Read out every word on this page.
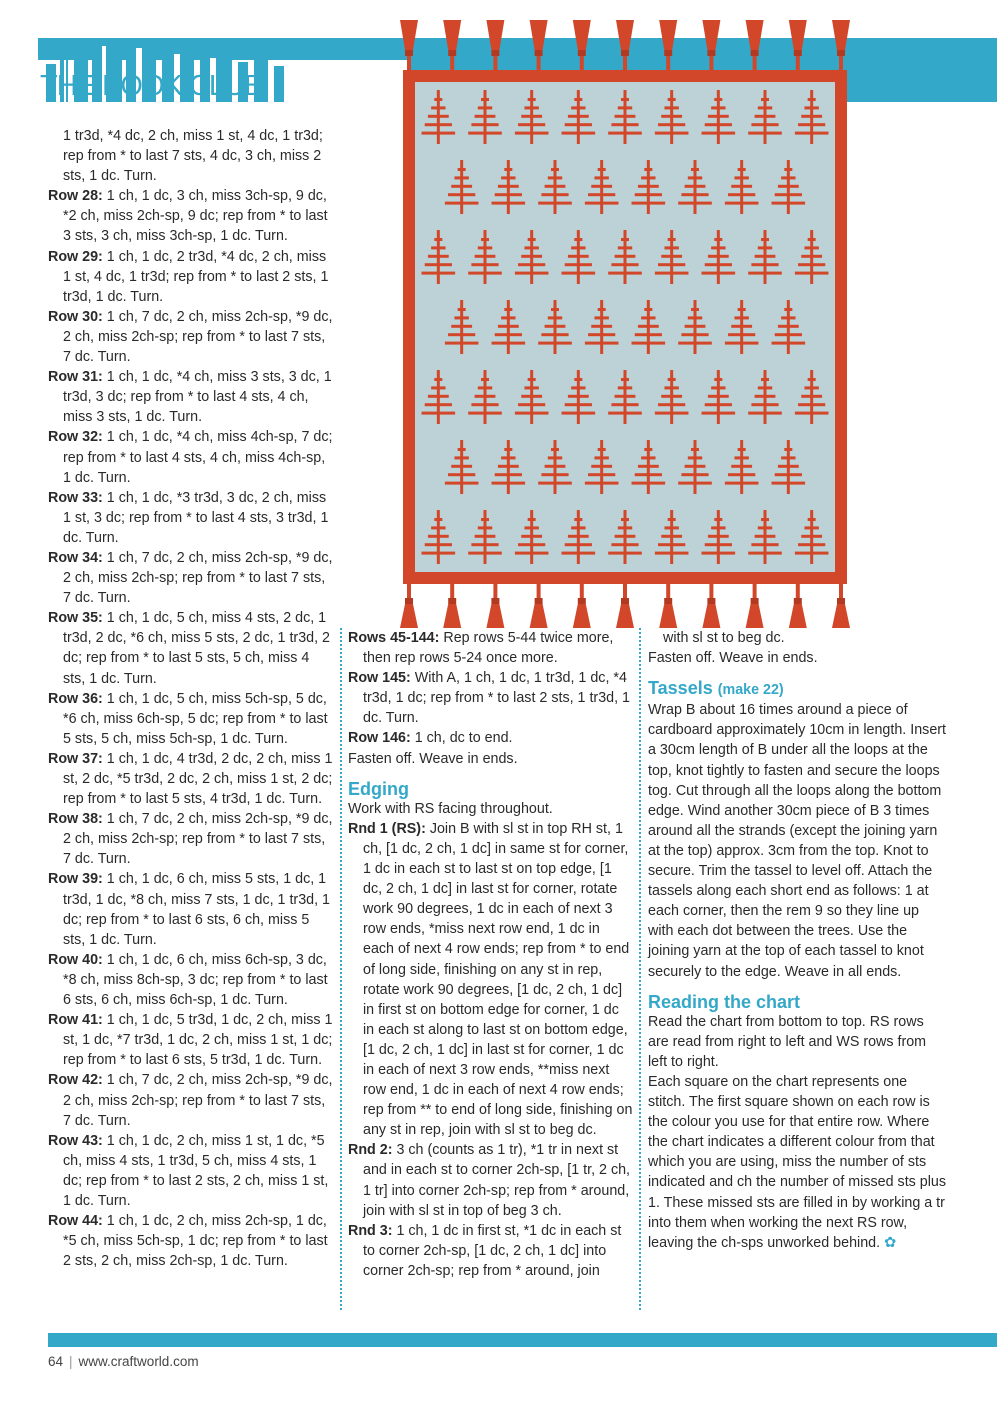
THE BOOK CLUB

1 tr3d, *4 dc, 2 ch, miss 1 st, 4 dc, 1 tr3d; rep from * to last 7 sts, 4 dc, 3 ch, miss 2 sts, 1 dc. Turn.

Row 28: 1 ch, 1 dc, 3 ch, miss 3ch-sp, 9 dc, *2 ch, miss 2ch-sp, 9 dc; rep from * to last 3 sts, 3 ch, miss 3ch-sp, 1 dc. Turn.

Row 29: 1 ch, 1 dc, 2 tr3d, *4 dc, 2 ch, miss 1 st, 4 dc, 1 tr3d; rep from * to last 2 sts, 1 tr3d, 1 dc. Turn.

Row 30: 1 ch, 7 dc, 2 ch, miss 2ch-sp, *9 dc, 2 ch, miss 2ch-sp; rep from * to last 7 sts, 7 dc. Turn.

Row 31: 1 ch, 1 dc, *4 ch, miss 3 sts, 3 dc, 1 tr3d, 3 dc; rep from * to last 4 sts, 4 ch, miss 3 sts, 1 dc. Turn.

Row 32: 1 ch, 1 dc, *4 ch, miss 4ch-sp, 7 dc; rep from * to last 4 sts, 4 ch, miss 4ch-sp, 1 dc. Turn.

Row 33: 1 ch, 1 dc, *3 tr3d, 3 dc, 2 ch, miss 1 st, 3 dc; rep from * to last 4 sts, 3 tr3d, 1 dc. Turn.

Row 34: 1 ch, 7 dc, 2 ch, miss 2ch-sp, *9 dc, 2 ch, miss 2ch-sp; rep from * to last 7 sts, 7 dc. Turn.

Row 35: 1 ch, 1 dc, 5 ch, miss 4 sts, 2 dc, 1 tr3d, 2 dc, *6 ch, miss 5 sts, 2 dc, 1 tr3d, 2 dc; rep from * to last 5 sts, 5 ch, miss 4 sts, 1 dc. Turn.

Row 36: 1 ch, 1 dc, 5 ch, miss 5ch-sp, 5 dc, *6 ch, miss 6ch-sp, 5 dc; rep from * to last 5 sts, 5 ch, miss 5ch-sp, 1 dc. Turn.

Row 37: 1 ch, 1 dc, 4 tr3d, 2 dc, 2 ch, miss 1 st, 2 dc, *5 tr3d, 2 dc, 2 ch, miss 1 st, 2 dc; rep from * to last 5 sts, 4 tr3d, 1 dc. Turn.

Row 38: 1 ch, 7 dc, 2 ch, miss 2ch-sp, *9 dc, 2 ch, miss 2ch-sp; rep from * to last 7 sts, 7 dc. Turn.

Row 39: 1 ch, 1 dc, 6 ch, miss 5 sts, 1 dc, 1 tr3d, 1 dc, *8 ch, miss 7 sts, 1 dc, 1 tr3d, 1 dc; rep from * to last 6 sts, 6 ch, miss 5 sts, 1 dc. Turn.

Row 40: 1 ch, 1 dc, 6 ch, miss 6ch-sp, 3 dc, *8 ch, miss 8ch-sp, 3 dc; rep from * to last 6 sts, 6 ch, miss 6ch-sp, 1 dc. Turn.

Row 41: 1 ch, 1 dc, 5 tr3d, 1 dc, 2 ch, miss 1 st, 1 dc, *7 tr3d, 1 dc, 2 ch, miss 1 st, 1 dc; rep from * to last 6 sts, 5 tr3d, 1 dc. Turn.

Row 42: 1 ch, 7 dc, 2 ch, miss 2ch-sp, *9 dc, 2 ch, miss 2ch-sp; rep from * to last 7 sts, 7 dc. Turn.

Row 43: 1 ch, 1 dc, 2 ch, miss 1 st, 1 dc, *5 ch, miss 4 sts, 1 tr3d, 5 ch, miss 4 sts, 1 dc; rep from * to last 2 sts, 2 ch, miss 1 st, 1 dc. Turn.

Row 44: 1 ch, 1 dc, 2 ch, miss 2ch-sp, 1 dc, *5 ch, miss 5ch-sp, 1 dc; rep from * to last 2 sts, 2 ch, miss 2ch-sp, 1 dc. Turn.

Rows 45-144: Rep rows 5-44 twice more, then rep rows 5-24 once more.

Row 145: With A, 1 ch, 1 dc, 1 tr3d, 1 dc, *4 tr3d, 1 dc; rep from * to last 2 sts, 1 tr3d, 1 dc. Turn.

Row 146: 1 ch, dc to end.

Fasten off. Weave in ends.

Edging

Work with RS facing throughout.

Rnd 1 (RS): Join B with sl st in top RH st, 1 ch, [1 dc, 2 ch, 1 dc] in same st for corner, 1 dc in each st to last st on top edge, [1 dc, 2 ch, 1 dc] in last st for corner, rotate work 90 degrees, 1 dc in each of next 3 row ends, *miss next row end, 1 dc in each of next 4 row ends; rep from * to end of long side, finishing on any st in rep, rotate work 90 degrees, [1 dc, 2 ch, 1 dc] in first st on bottom edge for corner, 1 dc in each st along to last st on bottom edge, [1 dc, 2 ch, 1 dc] in last st for corner, 1 dc in each of next 3 row ends, **miss next row end, 1 dc in each of next 4 row ends; rep from ** to end of long side, finishing on any st in rep, join with sl st to beg dc.

Rnd 2: 3 ch (counts as 1 tr), *1 tr in next st and in each st to corner 2ch-sp, [1 tr, 2 ch, 1 tr] into corner 2ch-sp; rep from * around, join with sl st in top of beg 3 ch.

Rnd 3: 1 ch, 1 dc in first st, *1 dc in each st to corner 2ch-sp, [1 dc, 2 ch, 1 dc] into corner 2ch-sp; rep from * around, join

with sl st to beg dc.

Fasten off. Weave in ends.

Tassels (make 22)

Wrap B about 16 times around a piece of cardboard approximately 10cm in length. Insert a 30cm length of B under all the loops at the top, knot tightly to fasten and secure the loops tog. Cut through all the loops along the bottom edge. Wind another 30cm piece of B 3 times around all the strands (except the joining yarn at the top) approx. 3cm from the top. Knot to secure. Trim the tassel to level off. Attach the tassels along each short end as follows: 1 at each corner, then the rem 9 so they line up with each dot between the trees. Use the joining yarn at the top of each tassel to knot securely to the edge. Weave in all ends.

Reading the chart

Read the chart from bottom to top. RS rows are read from right to left and WS rows from left to right.

Each square on the chart represents one stitch. The first square shown on each row is the colour you use for that entire row. Where the chart indicates a different colour from that which you are using, miss the number of sts indicated and ch the number of missed sts plus 1. These missed sts are filled in by working a tr into them when working the next RS row, leaving the ch-sps unworked behind. ✿

64 | www.craftworld.com
